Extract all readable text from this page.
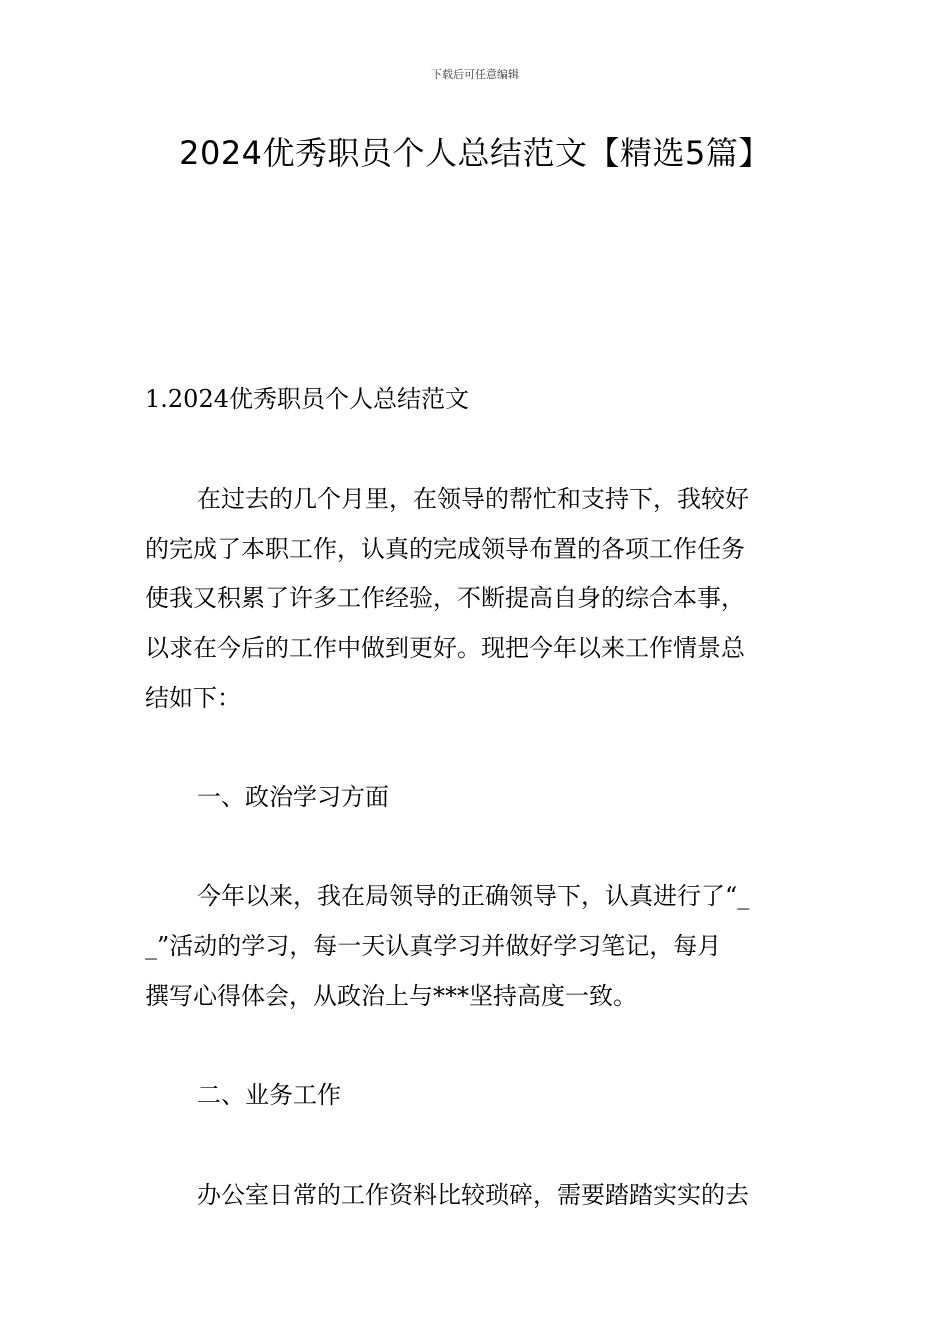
下载后可任意编辑
2024优秀职员个人总结范文【精选5篇】

1.2024优秀职员个人总结范文

在过去的几个月里，在领导的帮忙和支持下，我较好

的完成了本职工作，认真的完成领导布置的各项工作任务

使我又积累了许多工作经验，不断提高自身的综合本事，

以求在今后的工作中做到更好。现把今年以来工作情景总

结如下：

一、政治学习方面

今年以来，我在局领导的正确领导下，认真进行了“_

_”活动的学习，每一天认真学习并做好学习笔记，每月

撰写心得体会，从政治上与***坚持高度一致。

二、业务工作

办公室日常的工作资料比较琐碎，需要踏踏实实的去
